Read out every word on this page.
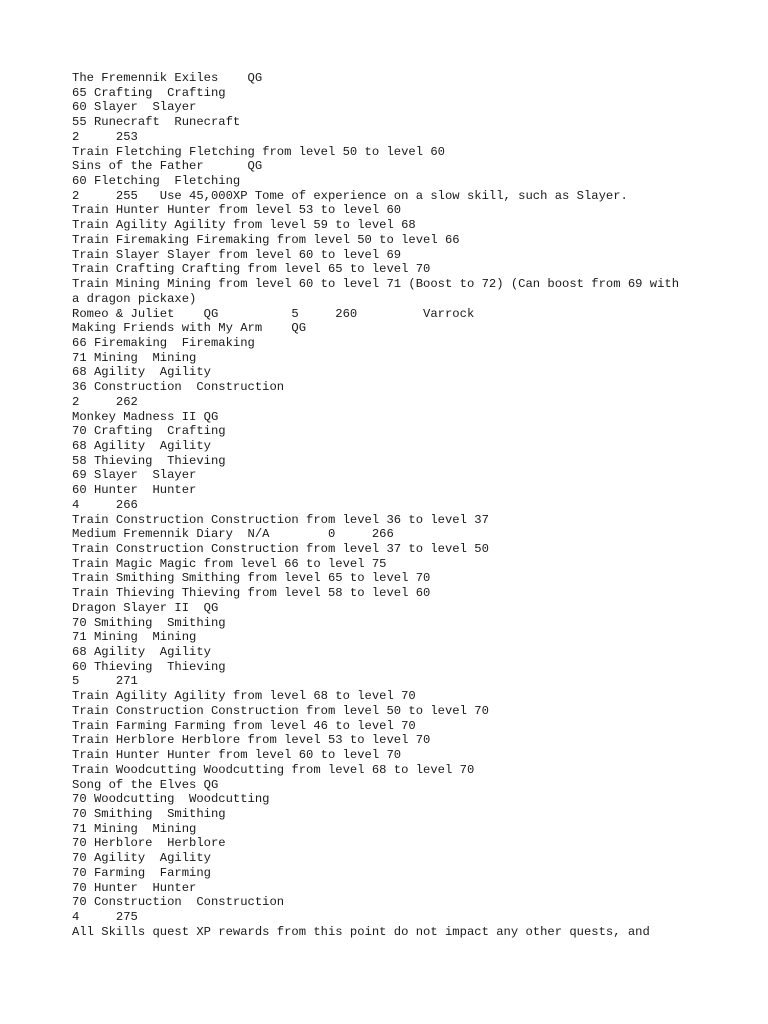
The Fremennik Exiles    QG
65 Crafting  Crafting
60 Slayer  Slayer
55 Runecraft  Runecraft
2     253
Train Fletching Fletching from level 50 to level 60
Sins of the Father      QG
60 Fletching  Fletching
2     255   Use 45,000XP Tome of experience on a slow skill, such as Slayer.
Train Hunter Hunter from level 53 to level 60
Train Agility Agility from level 59 to level 68
Train Firemaking Firemaking from level 50 to level 66
Train Slayer Slayer from level 60 to level 69
Train Crafting Crafting from level 65 to level 70
Train Mining Mining from level 60 to level 71 (Boost to 72) (Can boost from 69 with
a dragon pickaxe)
Romeo & Juliet    QG          5     260         Varrock
Making Friends with My Arm    QG
66 Firemaking  Firemaking
71 Mining  Mining
68 Agility  Agility
36 Construction  Construction
2     262
Monkey Madness II QG
70 Crafting  Crafting
68 Agility  Agility
58 Thieving  Thieving
69 Slayer  Slayer
60 Hunter  Hunter
4     266
Train Construction Construction from level 36 to level 37
Medium Fremennik Diary  N/A        0     266
Train Construction Construction from level 37 to level 50
Train Magic Magic from level 66 to level 75
Train Smithing Smithing from level 65 to level 70
Train Thieving Thieving from level 58 to level 60
Dragon Slayer II  QG
70 Smithing  Smithing
71 Mining  Mining
68 Agility  Agility
60 Thieving  Thieving
5     271
Train Agility Agility from level 68 to level 70
Train Construction Construction from level 50 to level 70
Train Farming Farming from level 46 to level 70
Train Herblore Herblore from level 53 to level 70
Train Hunter Hunter from level 60 to level 70
Train Woodcutting Woodcutting from level 68 to level 70
Song of the Elves QG
70 Woodcutting  Woodcutting
70 Smithing  Smithing
71 Mining  Mining
70 Herblore  Herblore
70 Agility  Agility
70 Farming  Farming
70 Hunter  Hunter
70 Construction  Construction
4     275
All Skills quest XP rewards from this point do not impact any other quests, and
